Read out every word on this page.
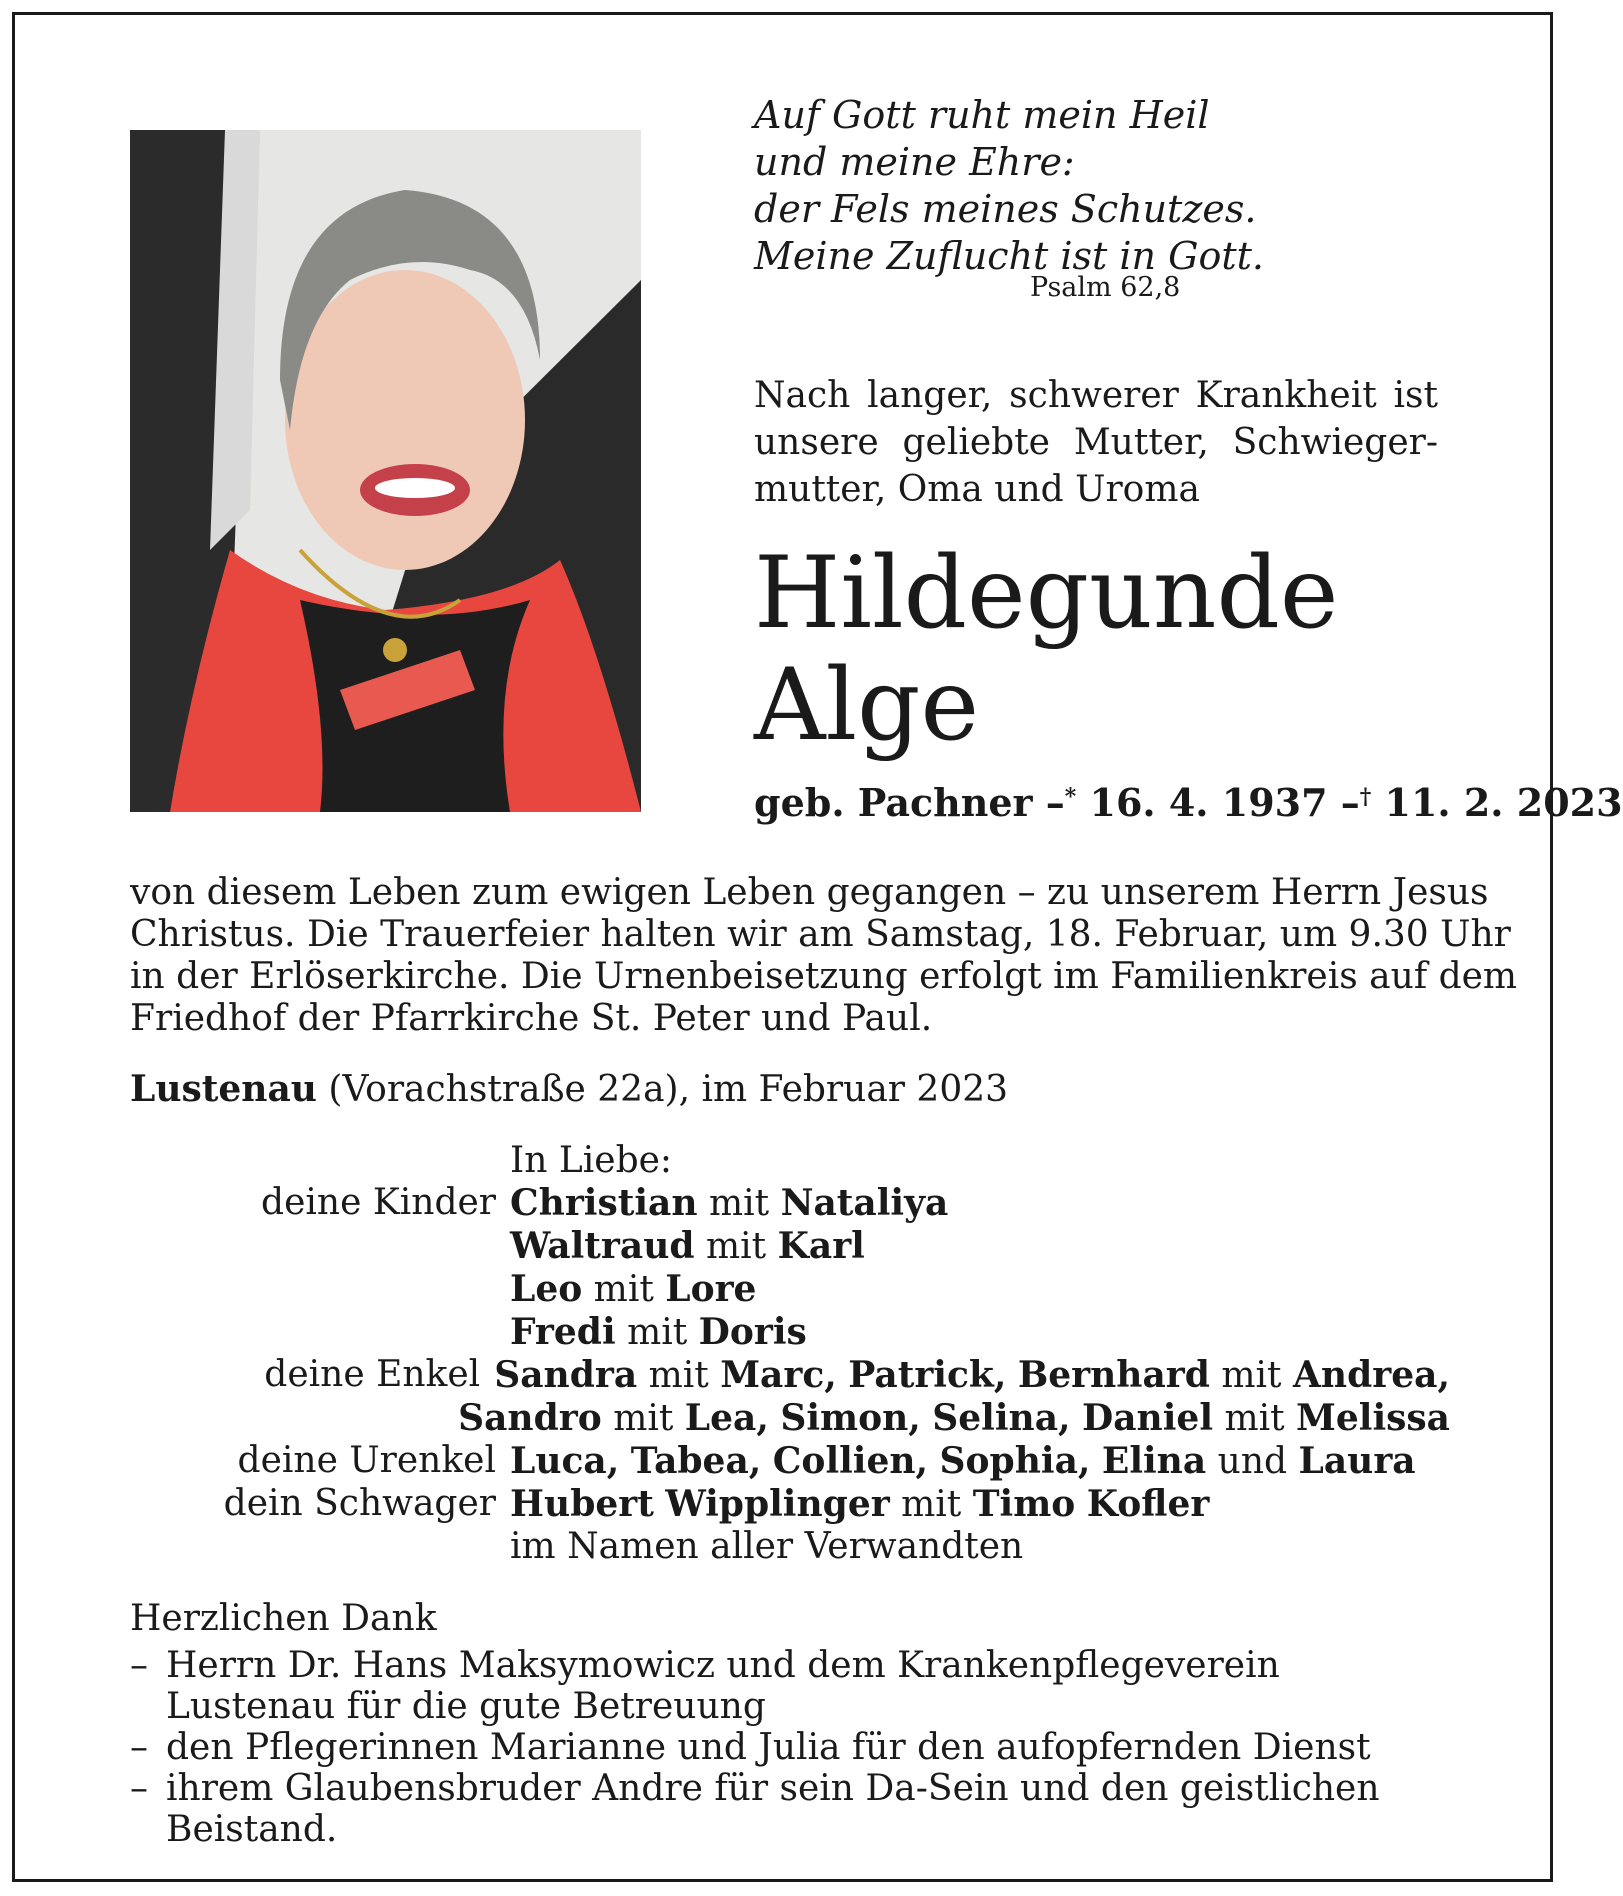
Auf Gott ruht mein Heil
und meine Ehre:
der Fels meines Schutzes.
Meine Zuflucht ist in Gott.
Psalm 62,8
Nach langer, schwerer Krankheit ist
unsere geliebte Mutter, Schwieger-
mutter, Oma und Uroma
Hildegunde
Alge
geb. Pachner –* 16. 4. 1937 –† 11. 2. 2023
von diesem Leben zum ewigen Leben gegangen – zu unserem Herrn Jesus
Christus. Die Trauerfeier halten wir am Samstag, 18. Februar, um 9.30 Uhr
in der Erlöserkirche. Die Urnenbeisetzung erfolgt im Familienkreis auf dem
Friedhof der Pfarrkirche St. Peter und Paul.
Lustenau (Vorachstraße 22a), im Februar 2023
In Liebe:
deine Kinder Christian mit Nataliya
Waltraud mit Karl
Leo mit Lore
Fredi mit Doris
deine Enkel Sandra mit Marc, Patrick, Bernhard mit Andrea,
Sandro mit Lea, Simon, Selina, Daniel mit Melissa
deine Urenkel Luca, Tabea, Collien, Sophia, Elina und Laura
dein Schwager Hubert Wipplinger mit Timo Kofler
im Namen aller Verwandten
Herzlichen Dank
– Herrn Dr. Hans Maksymowicz und dem Krankenpflegeverein Lustenau für die gute Betreuung
– den Pflegerinnen Marianne und Julia für den aufopfernden Dienst
– ihrem Glaubensbruder Andre für sein Da-Sein und den geistlichen Beistand.
